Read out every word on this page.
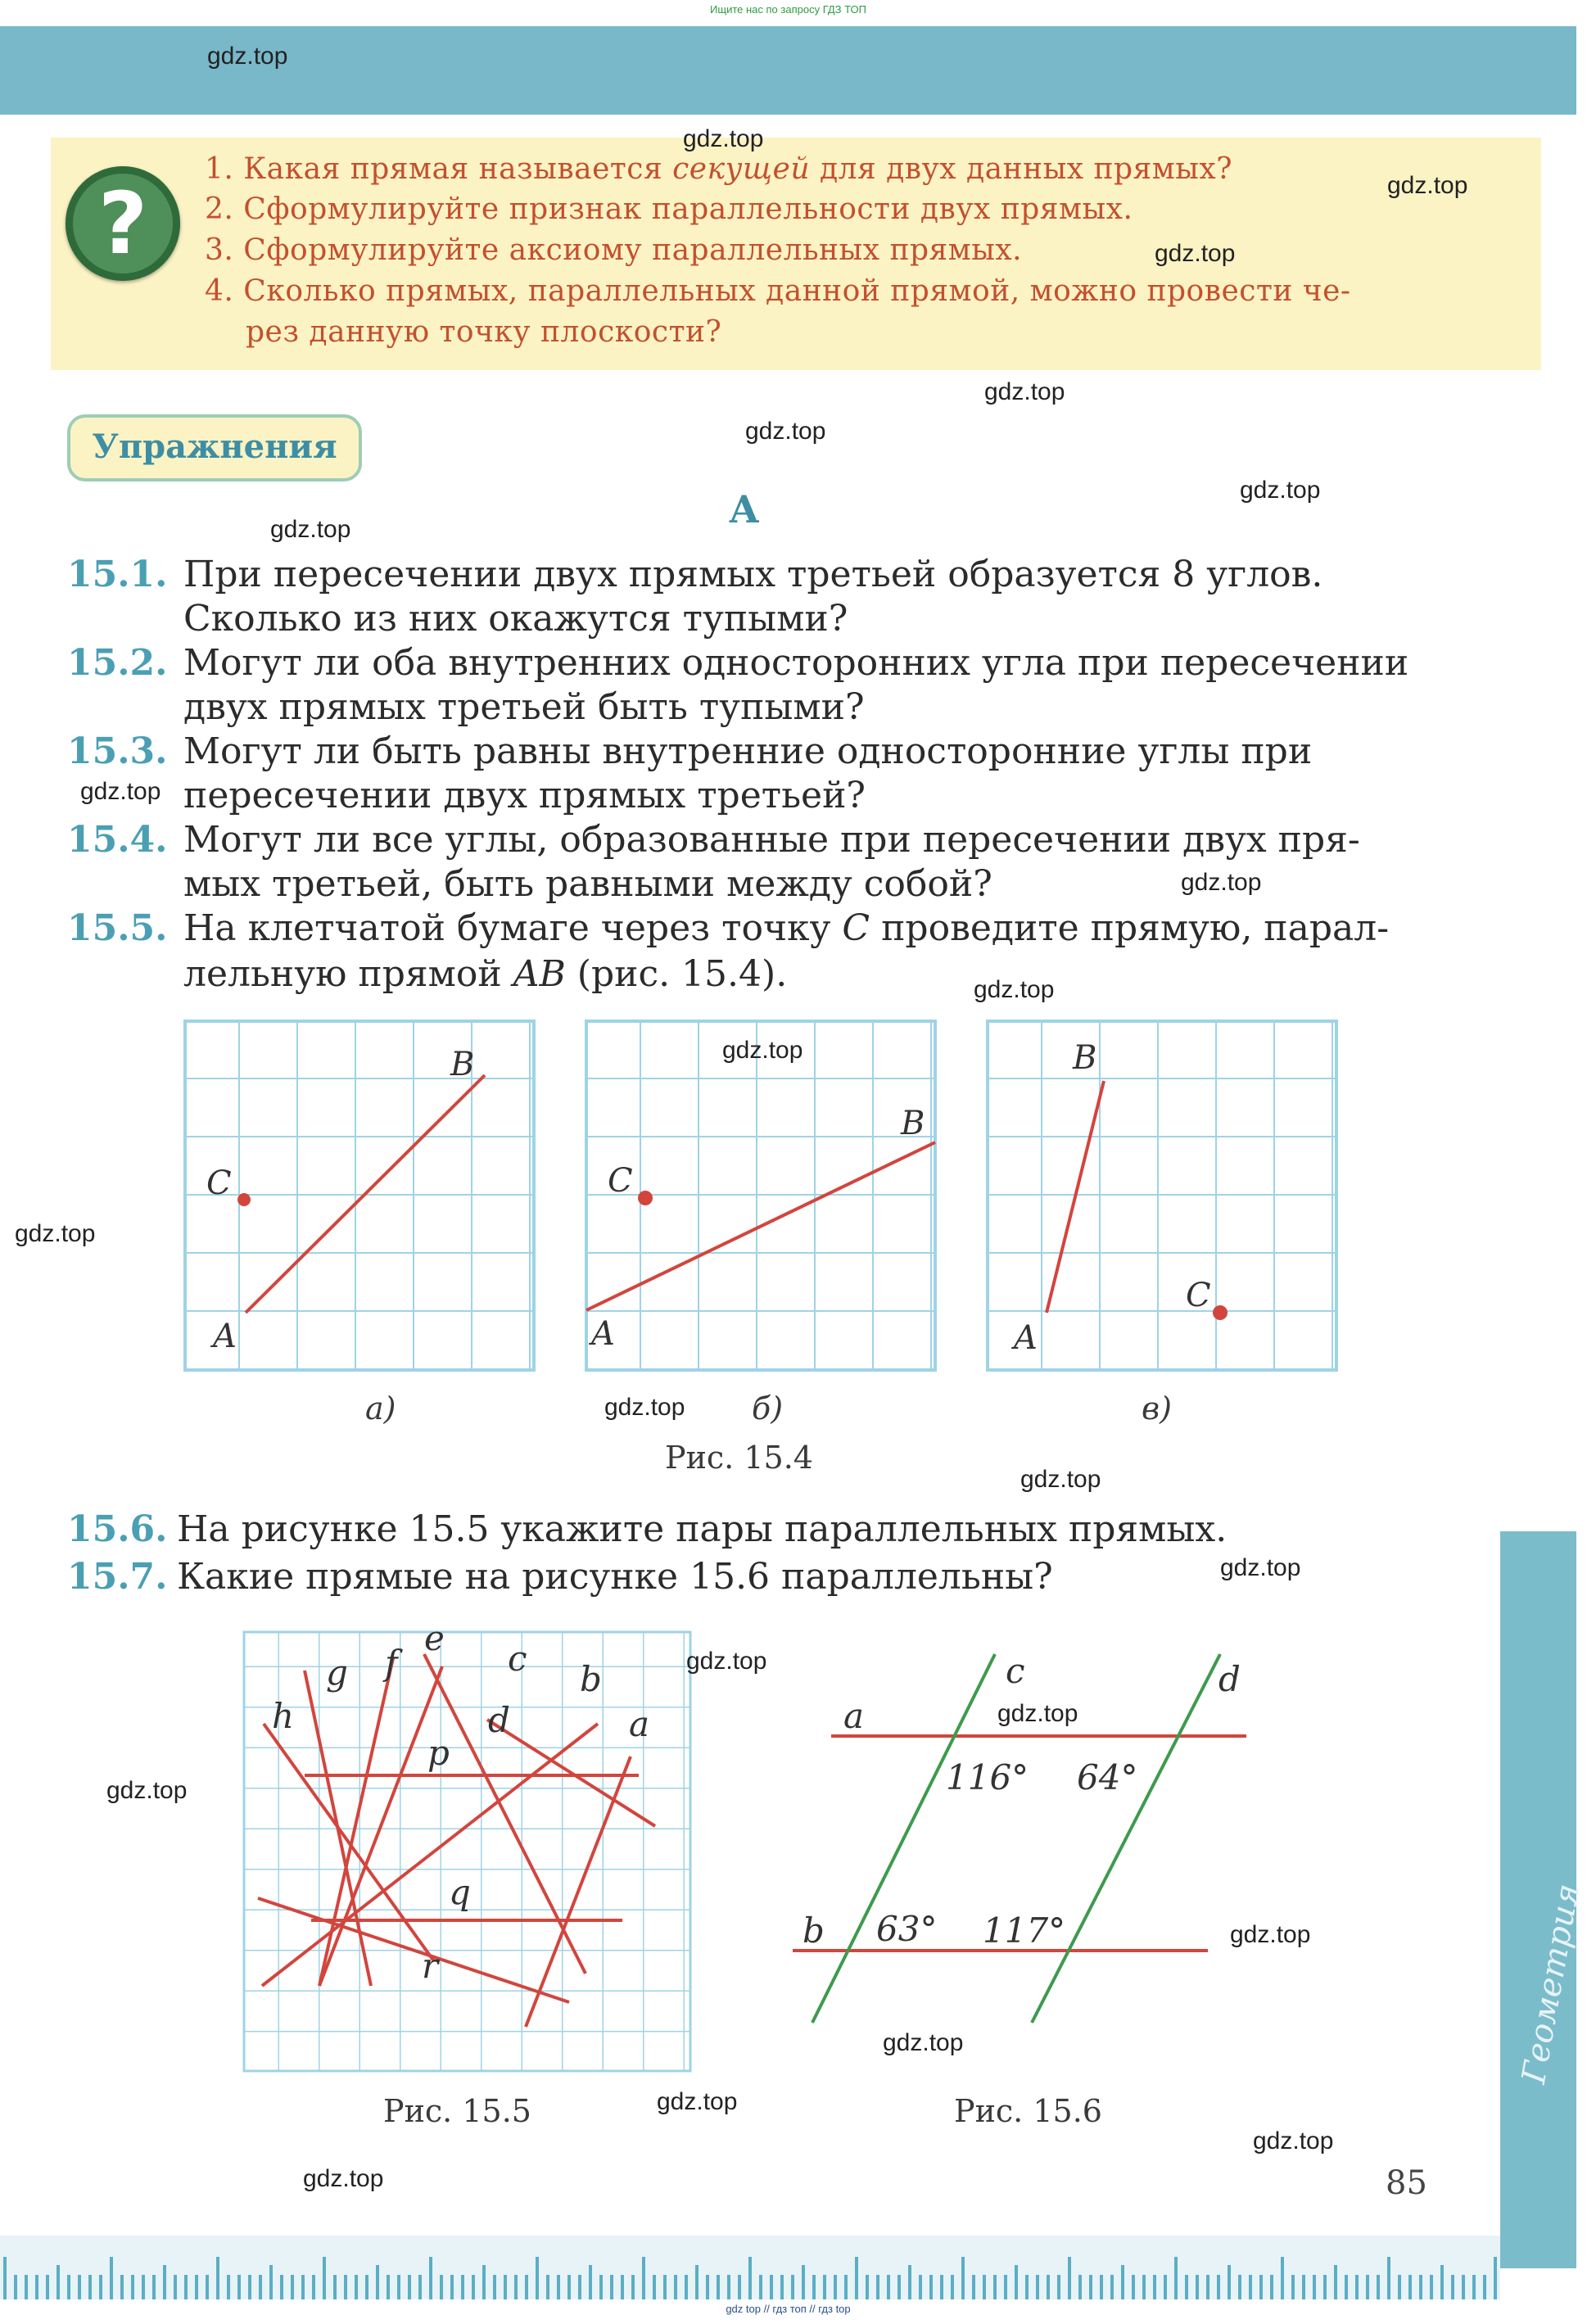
Ищите нас по запросу ГДЗ ТОП
?
1. Какая прямая называется секущей для двух данных прямых?
2. Сформулируйте признак параллельности двух прямых.
3. Сформулируйте аксиому параллельных прямых.
4. Сколько прямых, параллельных данной прямой, можно провести че-
рез данную точку плоскости?
Упражнения
А
15.1. При пересечении двух прямых третьей образуется 8 углов.
Сколько из них окажутся тупыми?
15.2. Могут ли оба внутренних односторонних угла при пересечении
двух прямых третьей быть тупыми?
15.3. Могут ли быть равны внутренние односторонние углы при
пересечении двух прямых третьей?
15.4. Могут ли все углы, образованные при пересечении двух пря-
мых третьей, быть равными между собой?
15.5. На клетчатой бумаге через точку C проведите прямую, парал-
лельную прямой AB (рис. 15.4).
C
A
B
C
A
B
C
A
B
а)	б)	в)
Рис. 15.4
15.6. На рисунке 15.5 укажите пары параллельных прямых.
15.7. Какие прямые на рисунке 15.6 параллельны?
e
f
g	c
b
h	d	a
p
q
r
Рис. 15.5
a
b
c	d
116° 64°
63° 117°
Рис. 15.6
gdz.top
gdz.top
gdz.top
gdz.top
gdz.top
gdz.top
gdz.top
gdz.top
gdz.top
gdz.top
gdz.top
gdz.top
gdz.top
gdz.top
gdz.top
gdz.top
gdz.top
gdz.top
gdz.top
gdz.top
gdz.top
gdz.top
gdz.top
gdz.top	85
Геометрия
gdz top // гдз топ // гдз top
